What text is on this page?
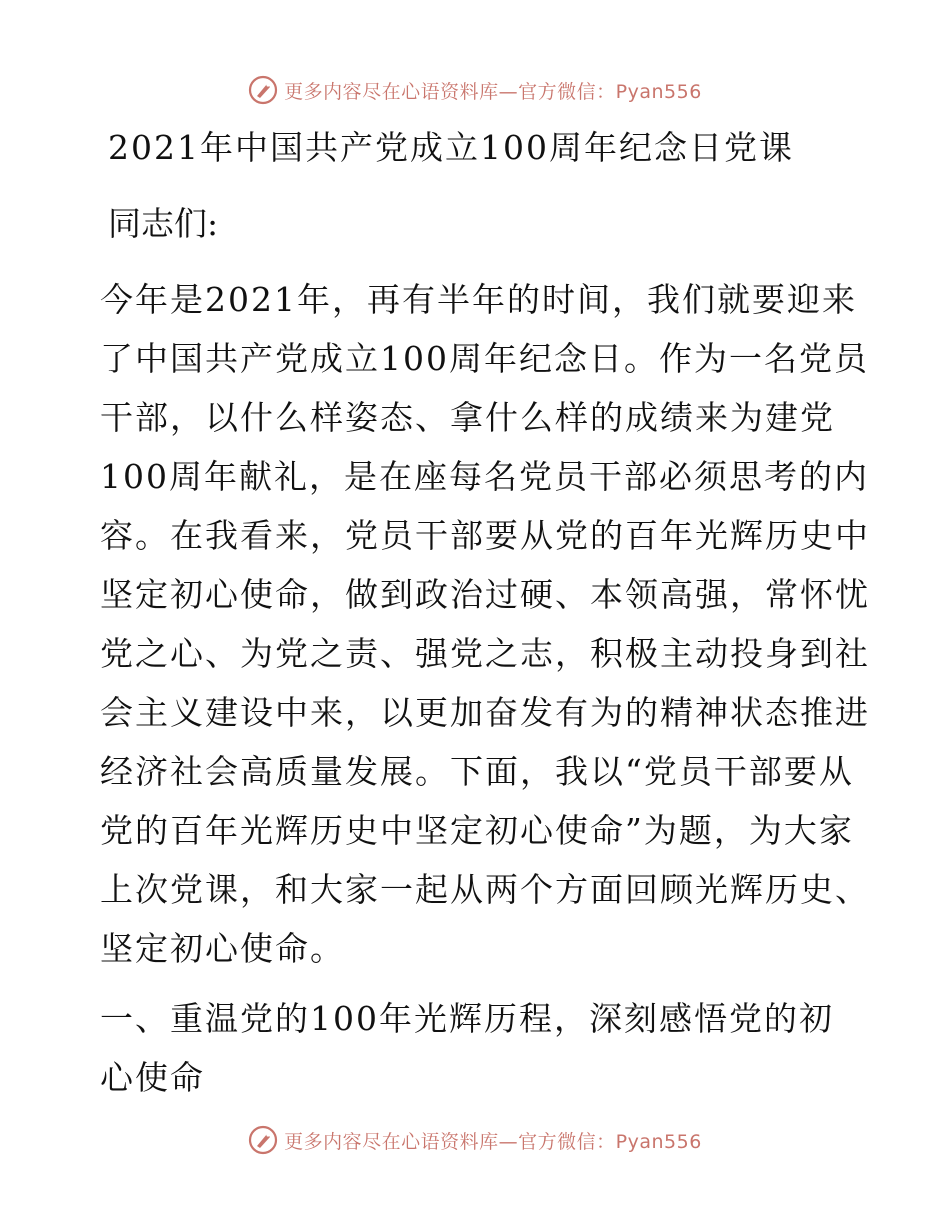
更多内容尽在心语资料库—官方微信：Pyan556
2021年中国共产党成立100周年纪念日党课
同志们:
今年是2021年，再有半年的时间，我们就要迎来
了中国共产党成立100周年纪念日。作为一名党员
干部，以什么样姿态、拿什么样的成绩来为建党
100周年献礼，是在座每名党员干部必须思考的内
容。在我看来，党员干部要从党的百年光辉历史中
坚定初心使命，做到政治过硬、本领高强，常怀忧
党之心、为党之责、强党之志，积极主动投身到社
会主义建设中来，以更加奋发有为的精神状态推进
经济社会高质量发展。下面，我以“党员干部要从
党的百年光辉历史中坚定初心使命”为题，为大家
上次党课，和大家一起从两个方面回顾光辉历史、
坚定初心使命。
一、重温党的100年光辉历程，深刻感悟党的初
心使命
更多内容尽在心语资料库—官方微信：Pyan556
